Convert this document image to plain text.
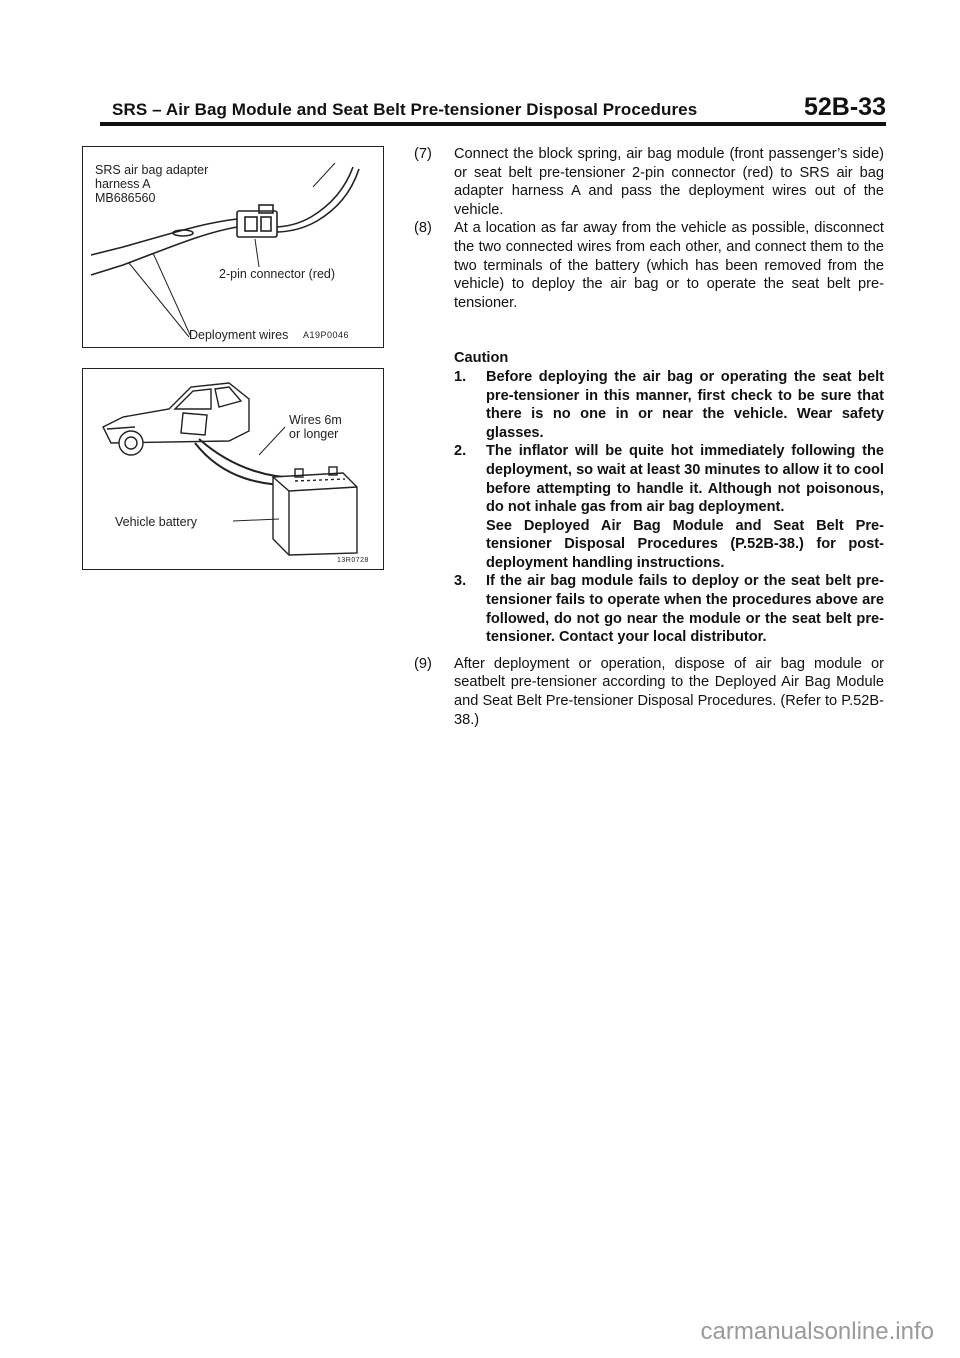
SRS – Air Bag Module and Seat Belt Pre-tensioner Disposal Procedures	52B-33
SRS air bag adapter
harness A
MB686560
2-pin connector (red)
Deployment wires A19P0046
Wires 6m
or longer
Vehicle battery
13R0728
(7) Connect the block spring, air bag module (front passenger’s side) or seat belt pre-tensioner 2-pin connector (red) to SRS air bag adapter harness A and pass the deployment wires out of the vehicle.
(8) At a location as far away from the vehicle as possible, disconnect the two connected wires from each other, and connect them to the two terminals of the battery (which has been removed from the vehicle) to deploy the air bag or to operate the seat belt pre-tensioner.
Caution
1. Before deploying the air bag or operating the seat belt pre-tensioner in this manner, first check to be sure that there is no one in or near the vehicle. Wear safety glasses.

2. The inflator will be quite hot immediately following the deployment, so wait at least 30 minutes to allow it to cool before attempting to handle it. Although not poisonous, do not inhale gas from air bag deployment.

See Deployed Air Bag Module and Seat Belt Pre-tensioner Disposal Procedures (P.52B-38.) for post-deployment handling instructions.

3. If the air bag module fails to deploy or the seat belt pre-tensioner fails to operate when the procedures above are followed, do not go near the module or the seat belt pre-tensioner. Contact your local distributor.

(9) After deployment or operation, dispose of air bag module or seatbelt pre-tensioner according to the Deployed Air Bag Module and Seat Belt Pre-tensioner Disposal Procedures. (Refer to P.52B-38.)
carmanualsonline.info
